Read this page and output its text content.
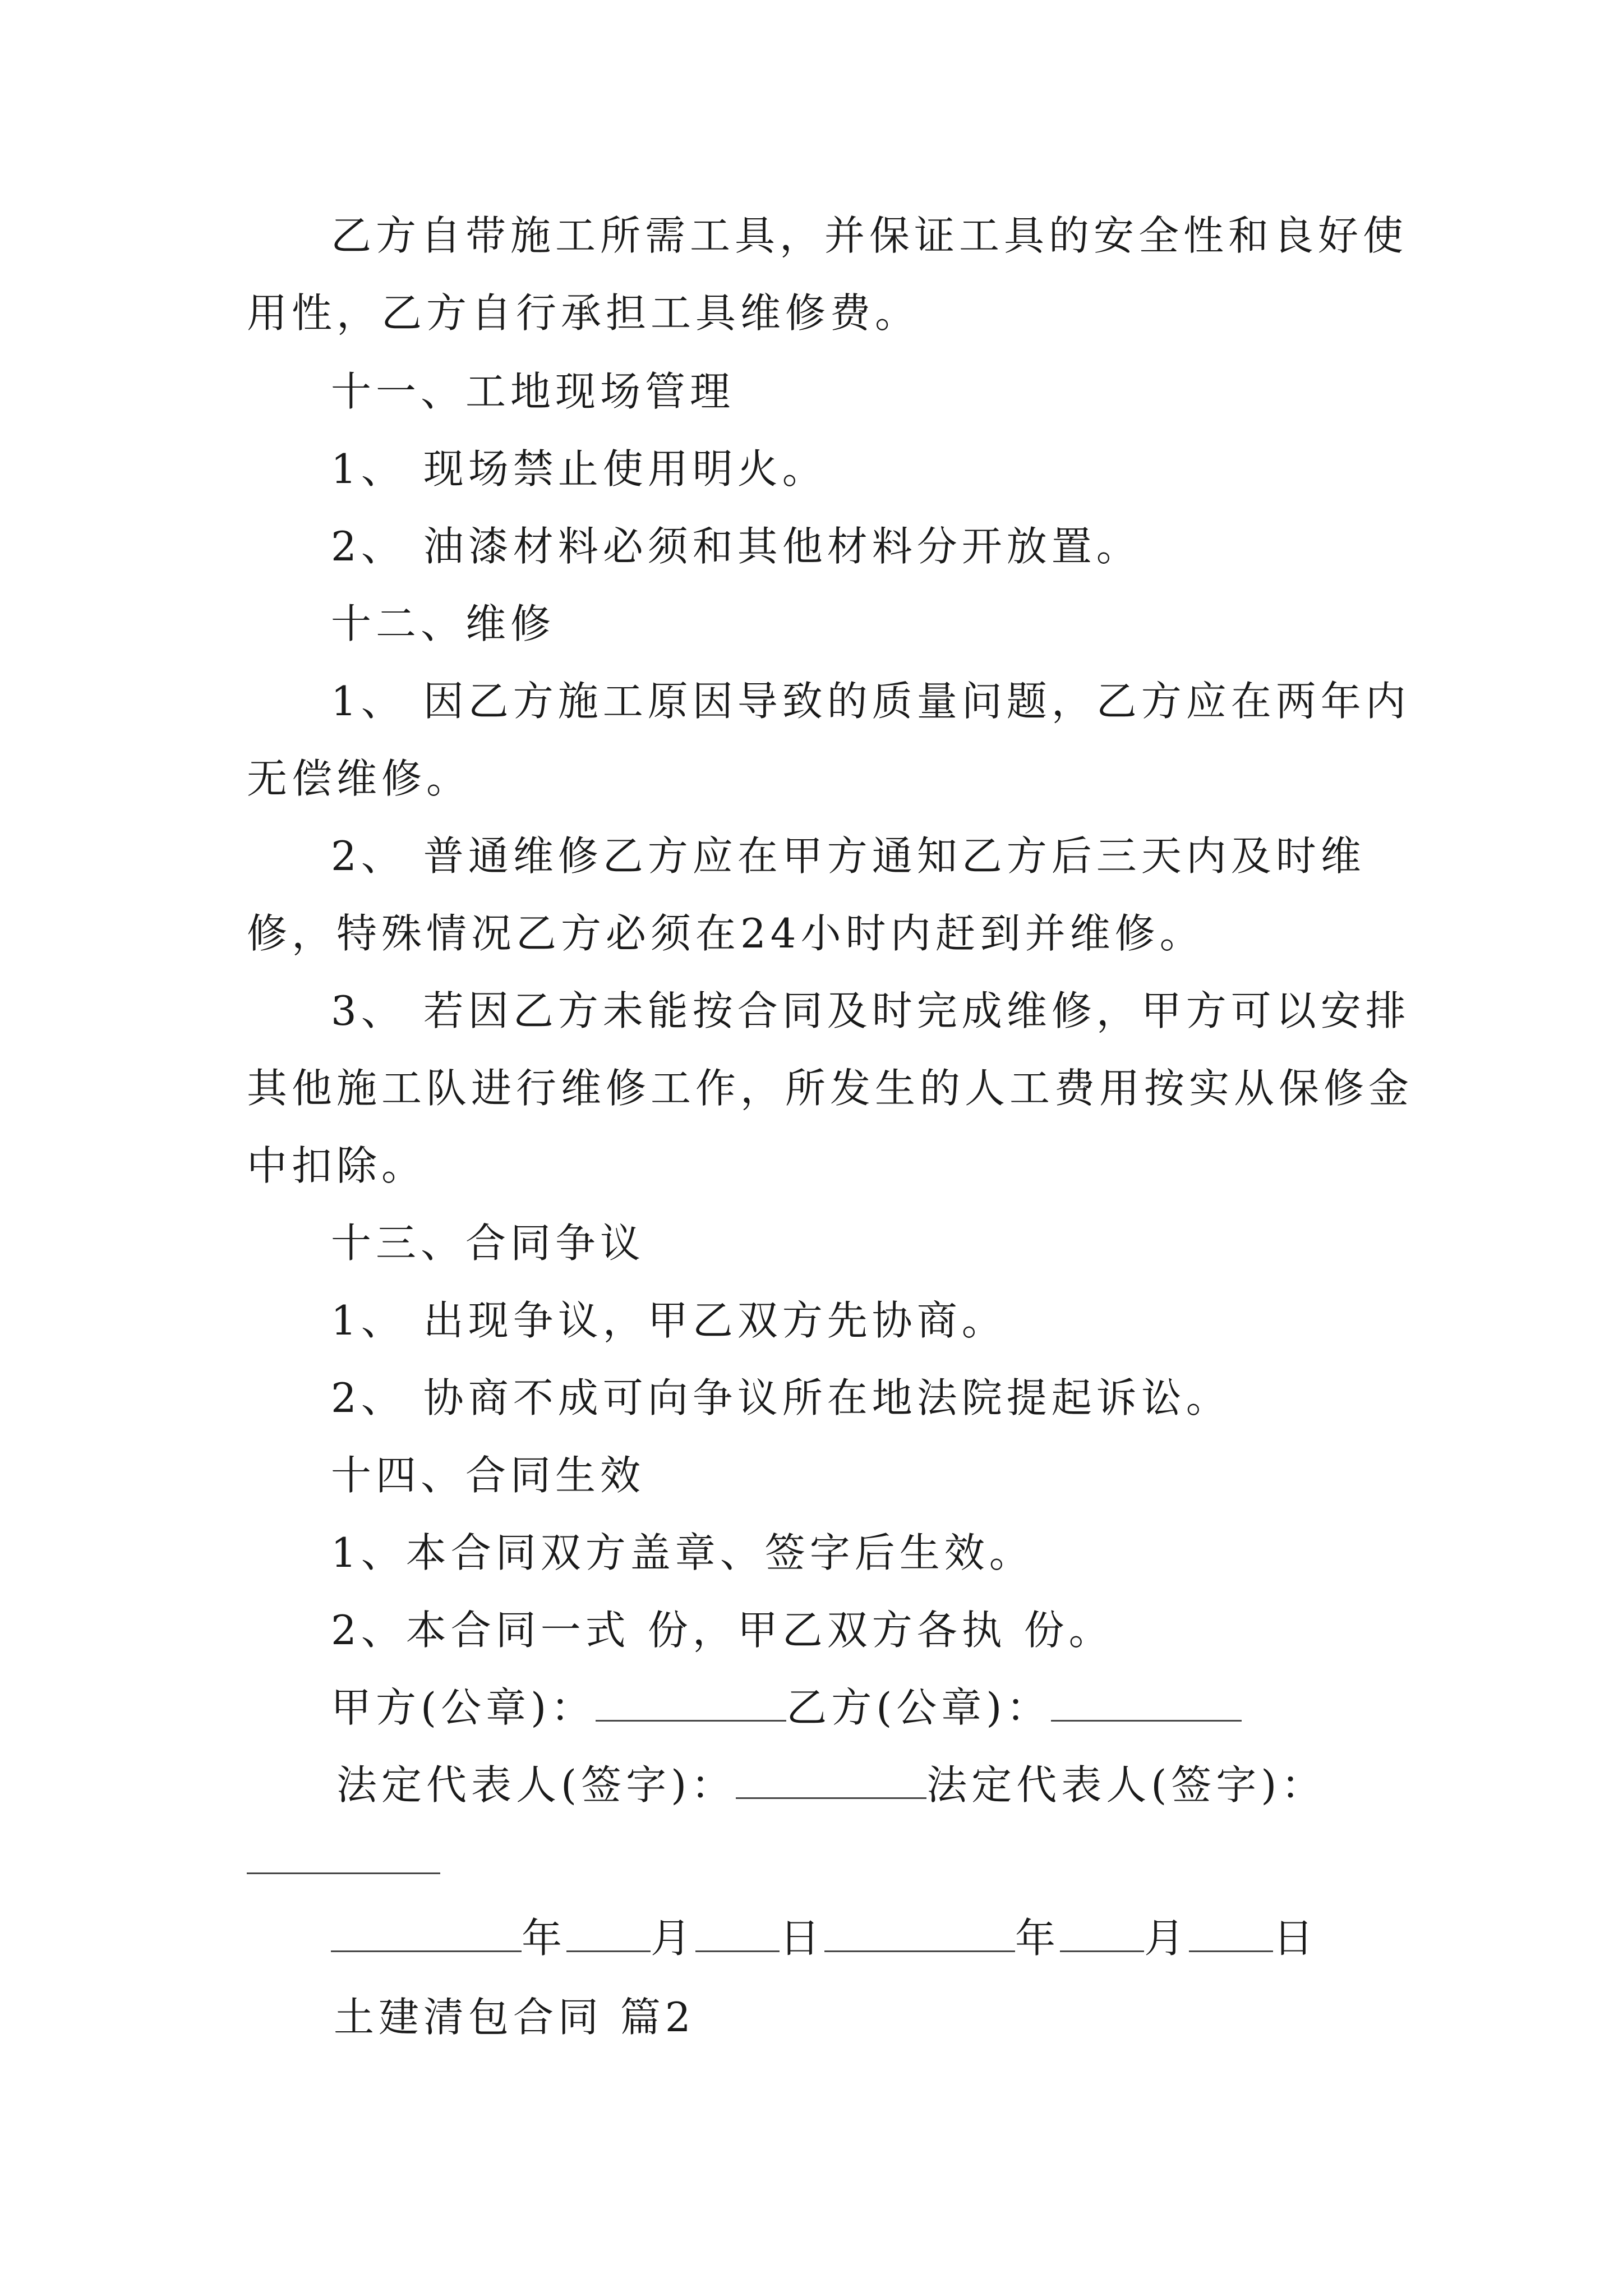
乙方自带施工所需工具，并保证工具的安全性和良好使
用性，乙方自行承担工具维修费。
十一、工地现场管理
1、 现场禁止使用明火。
2、 油漆材料必须和其他材料分开放置。
十二、维修
1、 因乙方施工原因导致的质量问题，乙方应在两年内
无偿维修。
2、 普通维修乙方应在甲方通知乙方后三天内及时维
修，特殊情况乙方必须在24小时内赶到并维修。
3、 若因乙方未能按合同及时完成维修，甲方可以安排
其他施工队进行维修工作，所发生的人工费用按实从保修金
中扣除。
十三、合同争议
1、 出现争议，甲乙双方先协商。
2、 协商不成可向争议所在地法院提起诉讼。
十四、合同生效
1、本合同双方盖章、签字后生效。
2、本合同一式 份，甲乙双方各执 份。
甲方(公章)：	乙方(公章)：
法定代表人(签字)：	法定代表人(签字)：
年 月 日	年 月 日
土建清包合同 篇2
